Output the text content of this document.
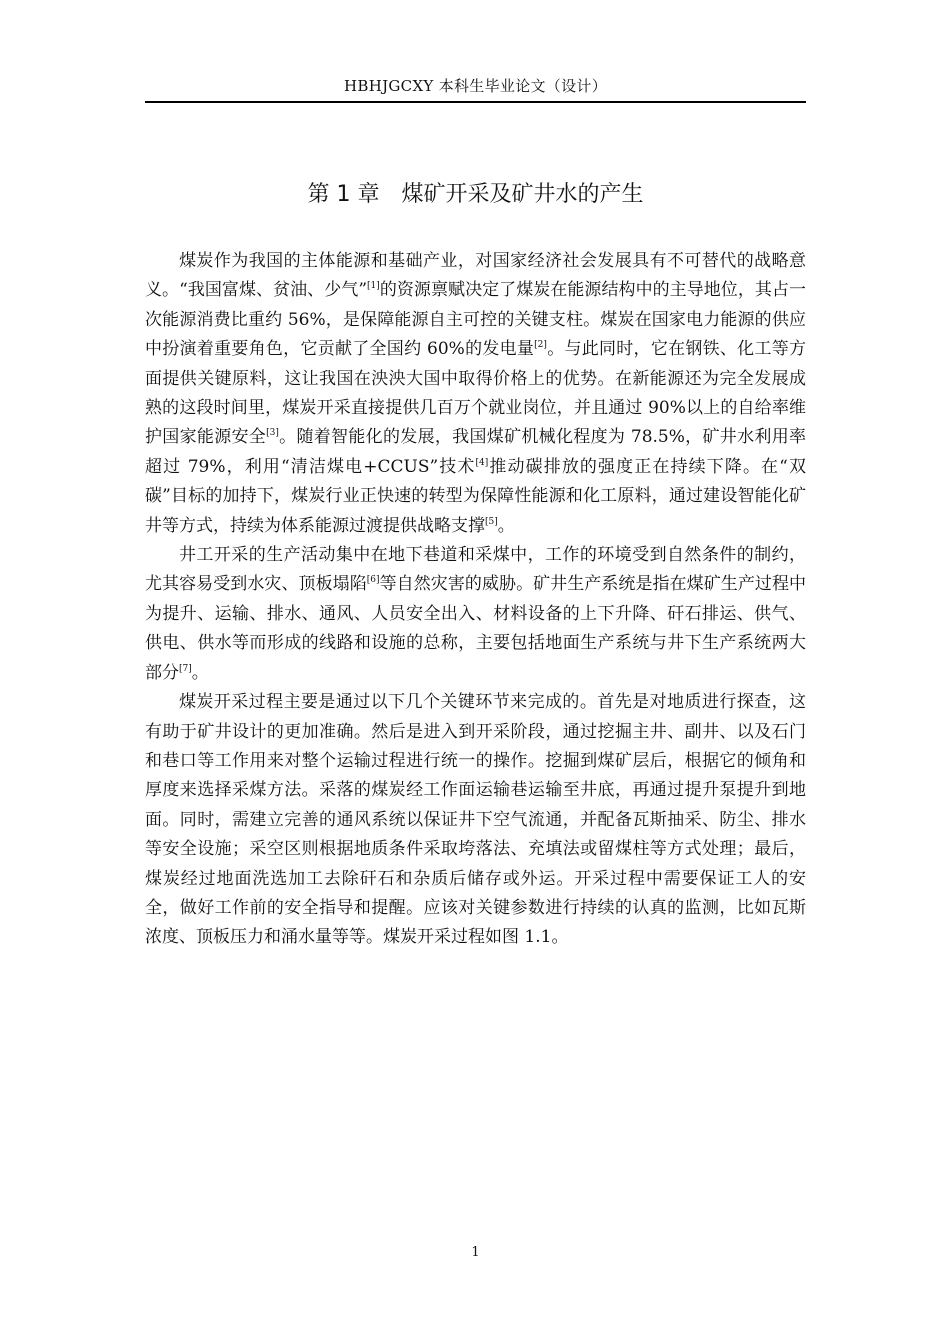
HBHJGCXY 本科生毕业论文（设计）
第 1 章　煤矿开采及矿井水的产生

煤炭作为我国的主体能源和基础产业，对国家经济社会发展具有不可替代的战略意义。“我国富煤、贫油、少气”[1]的资源禀赋决定了煤炭在能源结构中的主导地位，其占一次能源消费比重约 56%，是保障能源自主可控的关键支柱。煤炭在国家电力能源的供应中扮演着重要角色，它贡献了全国约 60%的发电量[2]。与此同时，它在钢铁、化工等方面提供关键原料，这让我国在泱泱大国中取得价格上的优势。在新能源还为完全发展成熟的这段时间里，煤炭开采直接提供几百万个就业岗位，并且通过 90%以上的自给率维护国家能源安全[3]。随着智能化的发展，我国煤矿机械化程度为 78.5%，矿井水利用率超过 79%，利用“清洁煤电+CCUS”技术[4]推动碳排放的强度正在持续下降。在“双碳”目标的加持下，煤炭行业正快速的转型为保障性能源和化工原料，通过建设智能化矿井等方式，持续为体系能源过渡提供战略支撑[5]。

井工开采的生产活动集中在地下巷道和采煤中，工作的环境受到自然条件的制约，尤其容易受到水灾、顶板塌陷[6]等自然灾害的威胁。矿井生产系统是指在煤矿生产过程中为提升、运输、排水、通风、人员安全出入、材料设备的上下升降、矸石排运、供气、供电、供水等而形成的线路和设施的总称，主要包括地面生产系统与井下生产系统两大部分[7]。

煤炭开采过程主要是通过以下几个关键环节来完成的。首先是对地质进行探查，这有助于矿井设计的更加准确。然后是进入到开采阶段，通过挖掘主井、副井、以及石门和巷口等工作用来对整个运输过程进行统一的操作。挖掘到煤矿层后，根据它的倾角和厚度来选择采煤方法。采落的煤炭经工作面运输巷运输至井底，再通过提升泵提升到地面。同时，需建立完善的通风系统以保证井下空气流通，并配备瓦斯抽采、防尘、排水等安全设施；采空区则根据地质条件采取垮落法、充填法或留煤柱等方式处理；最后，煤炭经过地面洗选加工去除矸石和杂质后储存或外运。开采过程中需要保证工人的安全，做好工作前的安全指导和提醒。应该对关键参数进行持续的认真的监测，比如瓦斯浓度、顶板压力和涌水量等等。煤炭开采过程如图 1.1。

1
